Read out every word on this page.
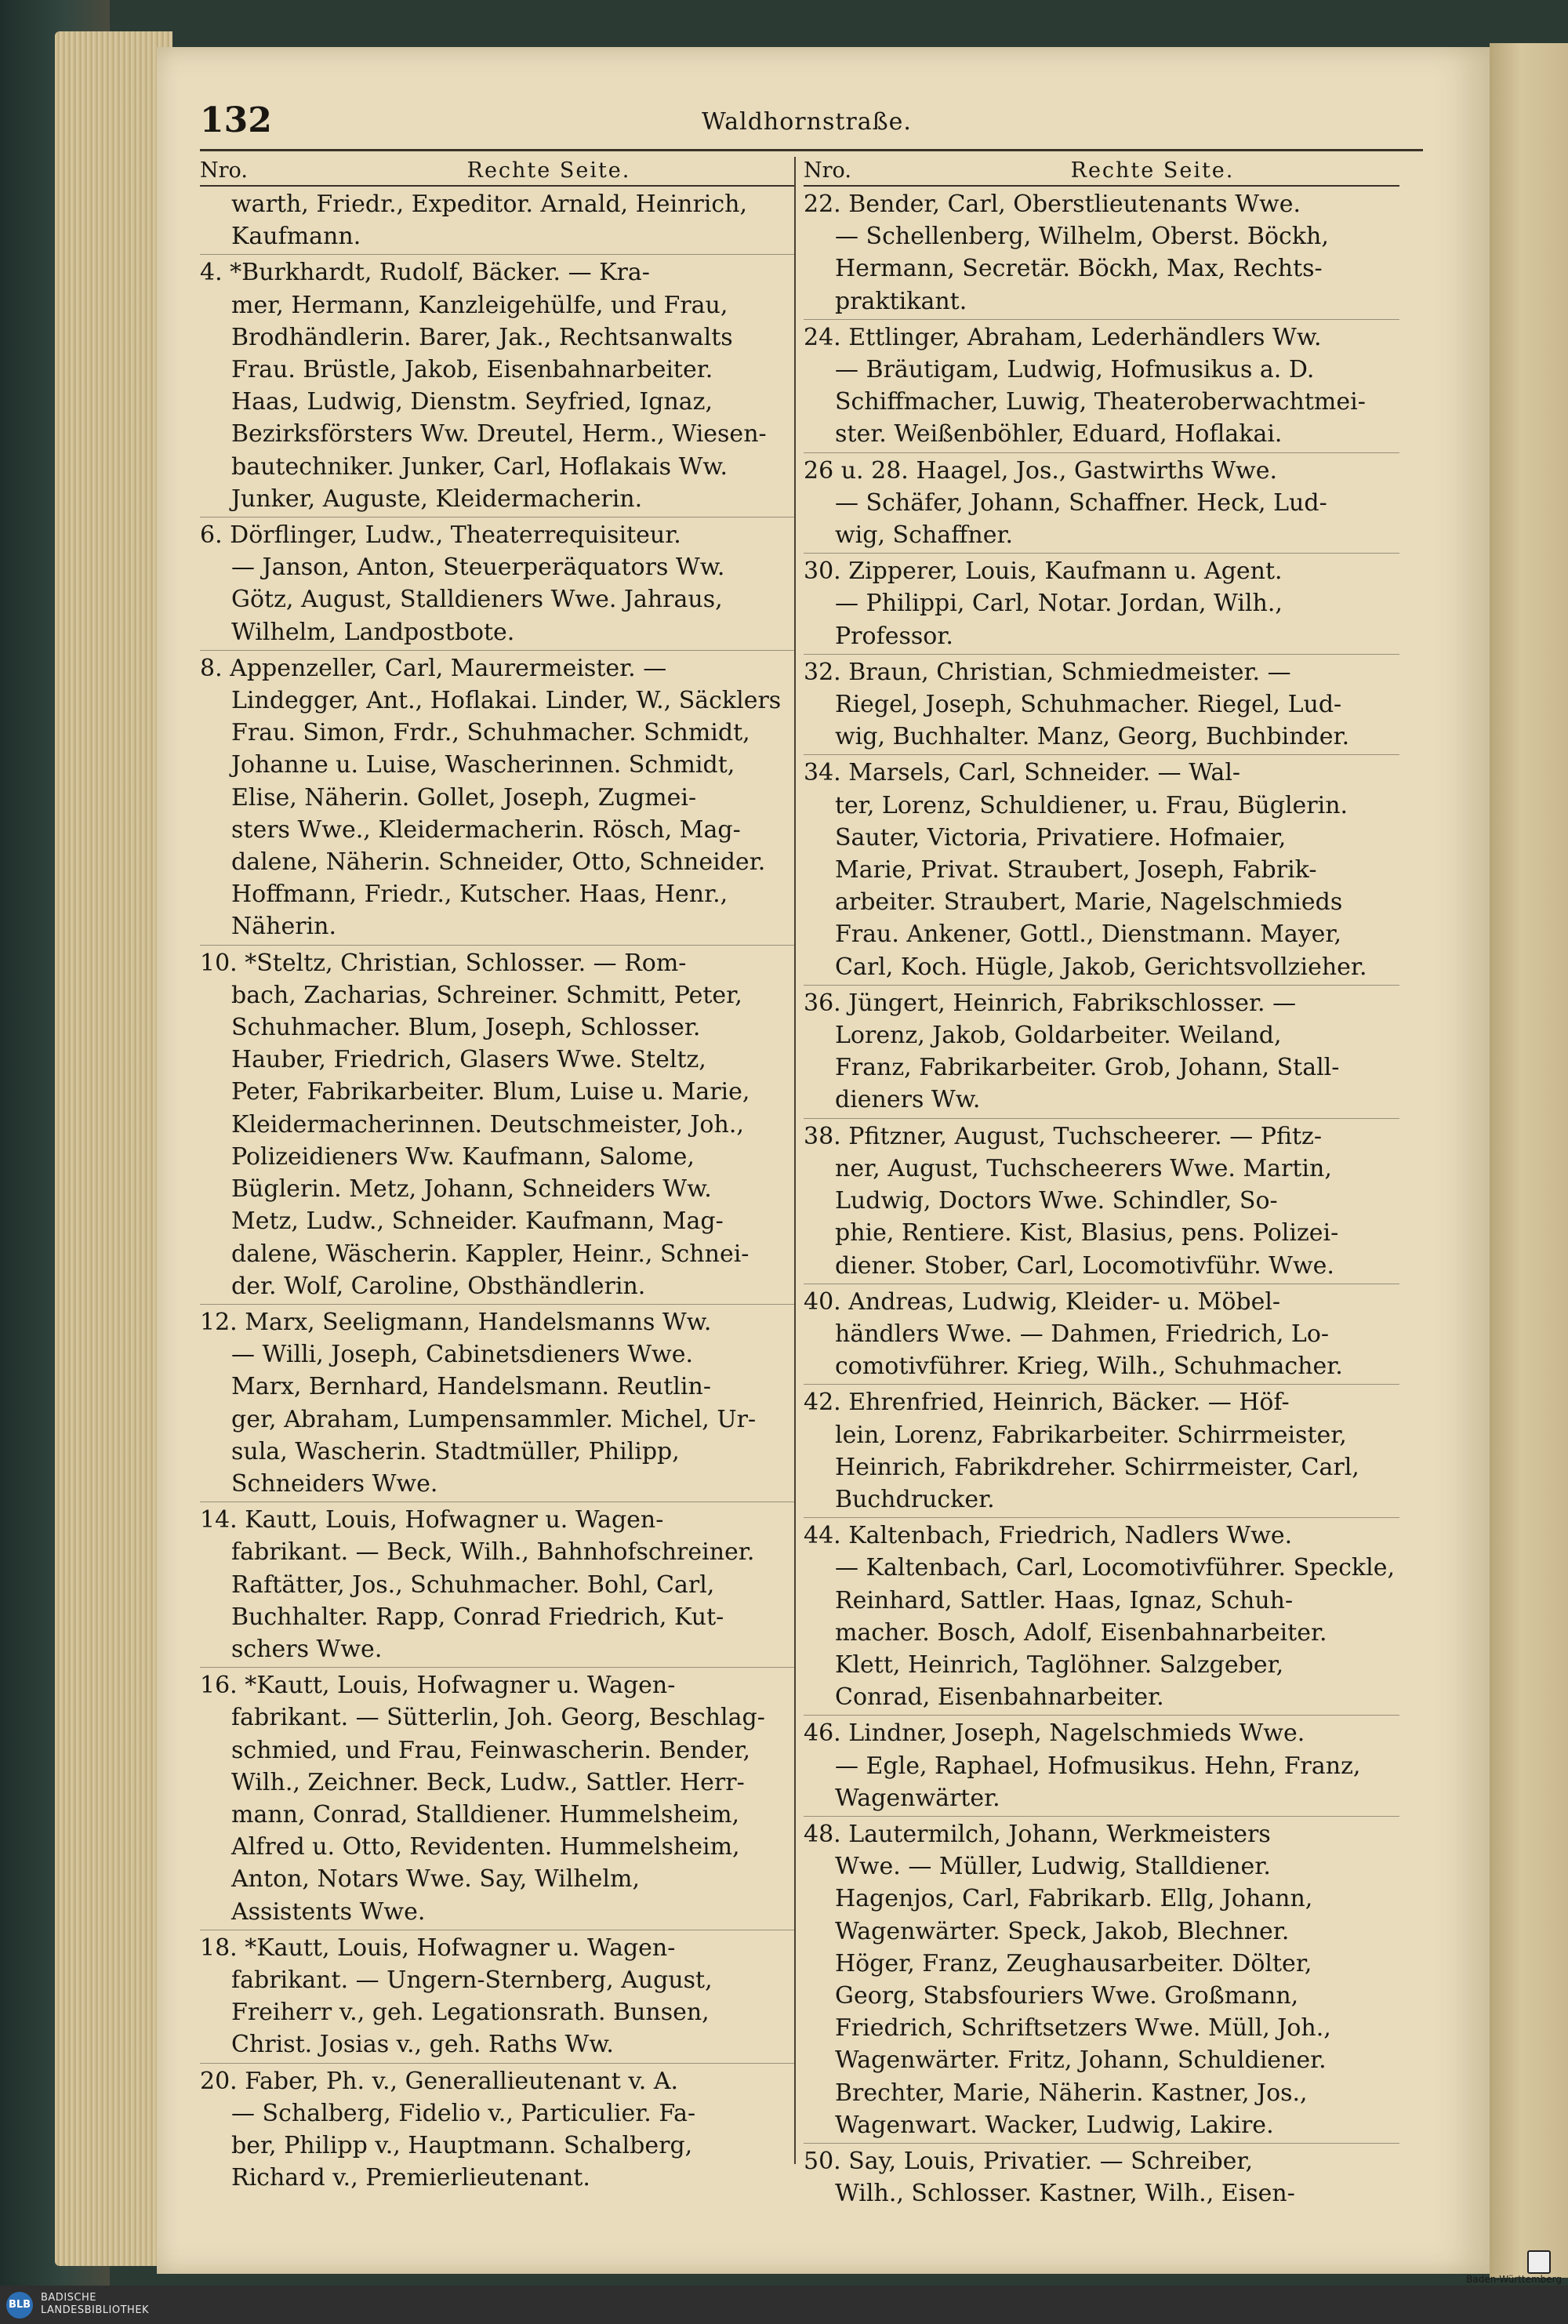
132	Waldhornstraße.
Nro.	Rechte Seite.
warth, Friedr., Expeditor. Arnald, Heinrich,
Kaufmann.
4. *Burkhardt, Rudolf, Bäcker. — Kra-
mer, Hermann, Kanzleigehülfe, und Frau,
Brodhändlerin. Barer, Jak., Rechtsanwalts
Frau. Brüstle, Jakob, Eisenbahnarbeiter.
Haas, Ludwig, Dienstm. Seyfried, Ignaz,
Bezirksförsters Ww. Dreutel, Herm., Wiesen-
bautechniker. Junker, Carl, Hoflakais Ww.
Junker, Auguste, Kleidermacherin.
6. Dörflinger, Ludw., Theaterrequisiteur.
— Janson, Anton, Steuerperäquators Ww.
Götz, August, Stalldieners Wwe. Jahraus,
Wilhelm, Landpostbote.
8. Appenzeller, Carl, Maurermeister. —
Lindegger, Ant., Hoflakai. Linder, W., Säcklers
Frau. Simon, Frdr., Schuhmacher. Schmidt,
Johanne u. Luise, Wascherinnen. Schmidt,
Elise, Näherin. Gollet, Joseph, Zugmei-
sters Wwe., Kleidermacherin. Rösch, Mag-
dalene, Näherin. Schneider, Otto, Schneider.
Hoffmann, Friedr., Kutscher. Haas, Henr.,
Näherin.
10. *Steltz, Christian, Schlosser. — Rom-
bach, Zacharias, Schreiner. Schmitt, Peter,
Schuhmacher. Blum, Joseph, Schlosser.
Hauber, Friedrich, Glasers Wwe. Steltz,
Peter, Fabrikarbeiter. Blum, Luise u. Marie,
Kleidermacherinnen. Deutschmeister, Joh.,
Polizeidieners Ww. Kaufmann, Salome,
Büglerin. Metz, Johann, Schneiders Ww.
Metz, Ludw., Schneider. Kaufmann, Mag-
dalene, Wäscherin. Kappler, Heinr., Schnei-
der. Wolf, Caroline, Obsthändlerin.
12. Marx, Seeligmann, Handelsmanns Ww.
— Willi, Joseph, Cabinetsdieners Wwe.
Marx, Bernhard, Handelsmann. Reutlin-
ger, Abraham, Lumpensammler. Michel, Ur-
sula, Wascherin. Stadtmüller, Philipp,
Schneiders Wwe.
14. Kautt, Louis, Hofwagner u. Wagen-
fabrikant. — Beck, Wilh., Bahnhofschreiner.
Raftätter, Jos., Schuhmacher. Bohl, Carl,
Buchhalter. Rapp, Conrad Friedrich, Kut-
schers Wwe.
16. *Kautt, Louis, Hofwagner u. Wagen-
fabrikant. — Sütterlin, Joh. Georg, Beschlag-
schmied, und Frau, Feinwascherin. Bender,
Wilh., Zeichner. Beck, Ludw., Sattler. Herr-
mann, Conrad, Stalldiener. Hummelsheim,
Alfred u. Otto, Revidenten. Hummelsheim,
Anton, Notars Wwe. Say, Wilhelm,
Assistents Wwe.
18. *Kautt, Louis, Hofwagner u. Wagen-
fabrikant. — Ungern-Sternberg, August,
Freiherr v., geh. Legationsrath. Bunsen,
Christ. Josias v., geh. Raths Ww.
20. Faber, Ph. v., Generallieutenant v. A.
— Schalberg, Fidelio v., Particulier. Fa-
ber, Philipp v., Hauptmann. Schalberg,
Richard v., Premierlieutenant.
Nro.	Rechte Seite.
22. Bender, Carl, Oberstlieutenants Wwe.
— Schellenberg, Wilhelm, Oberst. Böckh,
Hermann, Secretär. Böckh, Max, Rechts-
praktikant.
24. Ettlinger, Abraham, Lederhändlers Ww.
— Bräutigam, Ludwig, Hofmusikus a. D.
Schiffmacher, Luwig, Theateroberwachtmei-
ster. Weißenböhler, Eduard, Hoflakai.
26 u. 28. Haagel, Jos., Gastwirths Wwe.
— Schäfer, Johann, Schaffner. Heck, Lud-
wig, Schaffner.
30. Zipperer, Louis, Kaufmann u. Agent.
— Philippi, Carl, Notar. Jordan, Wilh.,
Professor.
32. Braun, Christian, Schmiedmeister. —
Riegel, Joseph, Schuhmacher. Riegel, Lud-
wig, Buchhalter. Manz, Georg, Buchbinder.
34. Marsels, Carl, Schneider. — Wal-
ter, Lorenz, Schuldiener, u. Frau, Büglerin.
Sauter, Victoria, Privatiere. Hofmaier,
Marie, Privat. Straubert, Joseph, Fabrik-
arbeiter. Straubert, Marie, Nagelschmieds
Frau. Ankener, Gottl., Dienstmann. Mayer,
Carl, Koch. Hügle, Jakob, Gerichtsvollzieher.
36. Jüngert, Heinrich, Fabrikschlosser. —
Lorenz, Jakob, Goldarbeiter. Weiland,
Franz, Fabrikarbeiter. Grob, Johann, Stall-
dieners Ww.
38. Pfitzner, August, Tuchscheerer. — Pfitz-
ner, August, Tuchscheerers Wwe. Martin,
Ludwig, Doctors Wwe. Schindler, So-
phie, Rentiere. Kist, Blasius, pens. Polizei-
diener. Stober, Carl, Locomotivführ. Wwe.
40. Andreas, Ludwig, Kleider- u. Möbel-
händlers Wwe. — Dahmen, Friedrich, Lo-
comotivführer. Krieg, Wilh., Schuhmacher.
42. Ehrenfried, Heinrich, Bäcker. — Höf-
lein, Lorenz, Fabrikarbeiter. Schirrmeister,
Heinrich, Fabrikdreher. Schirrmeister, Carl,
Buchdrucker.
44. Kaltenbach, Friedrich, Nadlers Wwe.
— Kaltenbach, Carl, Locomotivführer. Speckle,
Reinhard, Sattler. Haas, Ignaz, Schuh-
macher. Bosch, Adolf, Eisenbahnarbeiter.
Klett, Heinrich, Taglöhner. Salzgeber,
Conrad, Eisenbahnarbeiter.
46. Lindner, Joseph, Nagelschmieds Wwe.
— Egle, Raphael, Hofmusikus. Hehn, Franz,
Wagenwärter.
48. Lautermilch, Johann, Werkmeisters
Wwe. — Müller, Ludwig, Stalldiener.
Hagenjos, Carl, Fabrikarb. Ellg, Johann,
Wagenwärter. Speck, Jakob, Blechner.
Höger, Franz, Zeughausarbeiter. Dölter,
Georg, Stabsfouriers Wwe. Großmann,
Friedrich, Schriftsetzers Wwe. Müll, Joh.,
Wagenwärter. Fritz, Johann, Schuldiener.
Brechter, Marie, Näherin. Kastner, Jos.,
Wagenwart. Wacker, Ludwig, Lakire.
50. Say, Louis, Privatier. — Schreiber,
Wilh., Schlosser. Kastner, Wilh., Eisen-
Baden-Württemberg
BLB
BADISCHE
LANDESBIBLIOTHEK
